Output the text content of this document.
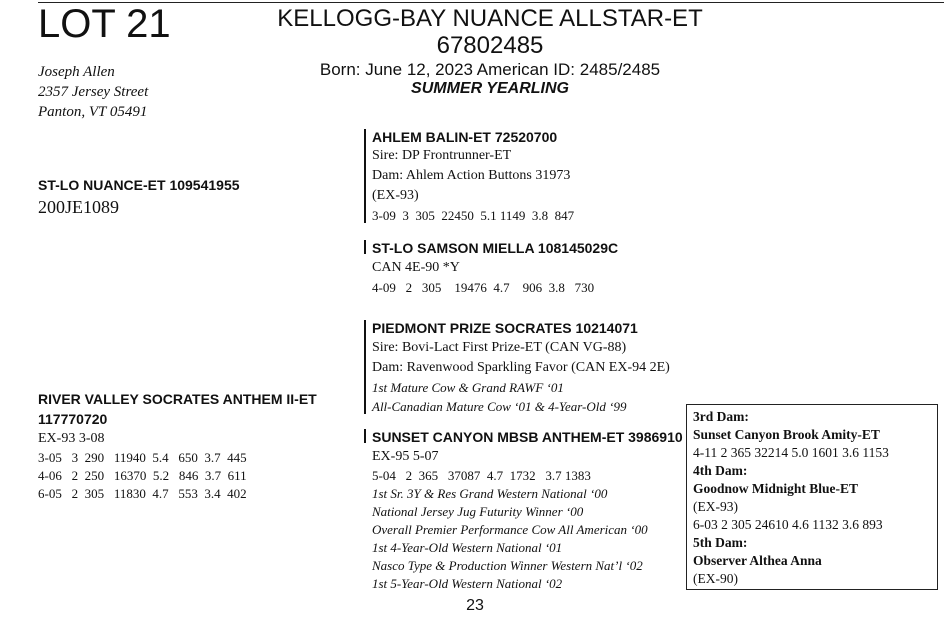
LOT 21	KELLOGG-BAY NUANCE ALLSTAR-ET
67802485
Born: June 12, 2023 American ID: 2485/2485
SUMMER YEARLING
Joseph Allen
2357 Jersey Street
Panton, VT 05491
ST-LO NUANCE-ET 109541955
200JE1089
AHLEM BALIN-ET 72520700
Sire: DP Frontrunner-ET
Dam: Ahlem Action Buttons 31973
(EX-93)
3-09  3  305  22450  5.1 1149  3.8  847
ST-LO SAMSON MIELLA 108145029C
CAN 4E-90 *Y
4-09   2   305    19476  4.7    906  3.8   730
RIVER VALLEY SOCRATES ANTHEM II-ET
117770720
EX-93 3-08
3-05   3  290   11940  5.4   650  3.7  445
4-06   2  250   16370  5.2   846  3.7  611
6-05   2  305   11830  4.7   553  3.4  402
PIEDMONT PRIZE SOCRATES 10214071
Sire: Bovi-Lact First Prize-ET (CAN VG-88)
Dam: Ravenwood Sparkling Favor (CAN EX-94 2E)
1st Mature Cow & Grand RAWF ‘01
All-Canadian Mature Cow ‘01 & 4-Year-Old ‘99
SUNSET CANYON MBSB ANTHEM-ET 3986910
EX-95 5-07
5-04   2  365   37087  4.7  1732   3.7 1383
1st Sr. 3Y & Res Grand Western National ‘00
National Jersey Jug Futurity Winner ‘00
Overall Premier Performance Cow All American ‘00
1st 4-Year-Old Western National ‘01
Nasco Type & Production Winner Western Nat’l ‘02
1st 5-Year-Old Western National ‘02
3rd Dam:
Sunset Canyon Brook Amity-ET
4-11 2 365 32214 5.0 1601 3.6 1153
4th Dam:
Goodnow Midnight Blue-ET
(EX-93)
6-03 2 305 24610 4.6 1132 3.6 893
5th Dam:
Observer Althea Anna
(EX-90)
23
